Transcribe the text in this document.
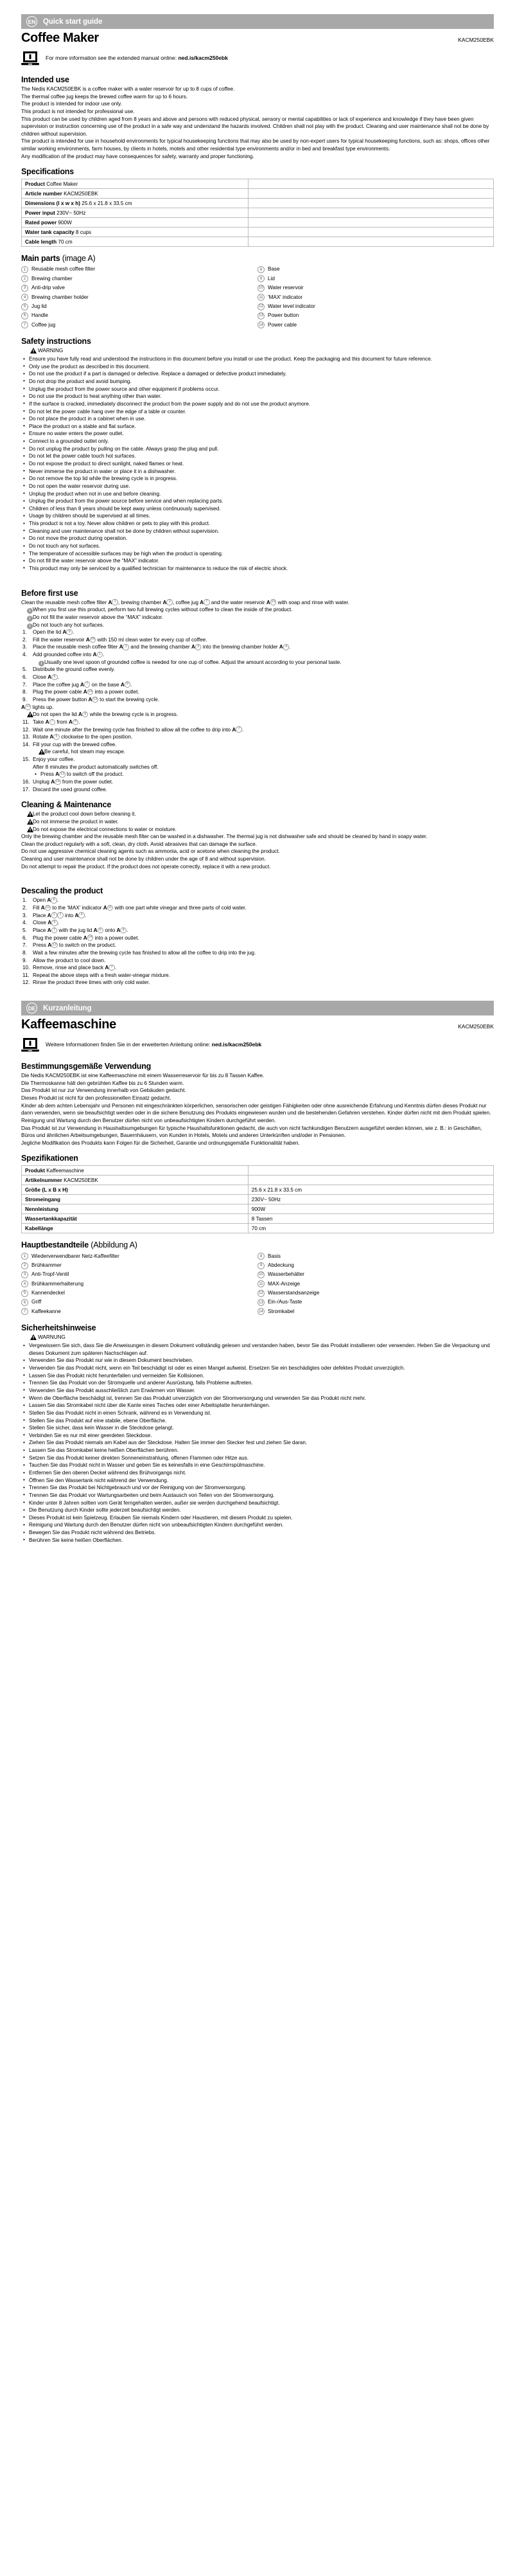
EN Quick start guide
Coffee Maker	KACM250EBK
For more information see the extended manual online: ned.is/kacm250ebk
Intended use

The Nedis KACM250EBK is a coffee maker with a water reservoir for up to 8 cups of coffee.

The thermal coffee jug keeps the brewed coffee warm for up to 6 hours.

The product is intended for indoor use only.

This product is not intended for professional use.

This product can be used by children aged from 8 years and above and persons with reduced physical, sensory or mental capabilities or lack of experience and knowledge if they have been given supervision or instruction concerning use of the product in a safe way and understand the hazards involved. Children shall not play with the product. Cleaning and user maintenance shall not be done by children without supervision.

The product is intended for use in household environments for typical housekeeping functions that may also be used by non-expert users for typical housekeeping functions, such as: shops, offices other similar working environments, farm houses, by clients in hotels, motels and other residential type environments and/or in bed and breakfast type environments.

Any modification of the product may have consequences for safety, warranty and proper functioning.

Specifications
Product Coffee Maker	
Article number KACM250EBK	
Dimensions (l x w x h) 25.6 x 21.8 x 33.5 cm	
Power input 230V~ 50Hz	
Rated power 900W	
Water tank capacity 8 cups	
Cable length 70 cm	
Main parts (image A)
1	Reusable mesh coffee filter
2	Brewing chamber
3	Anti-drip valve
4	Brewing chamber holder
5	Jug lid
6	Handle
7	Coffee jug
8	Base
9	Lid
10 Water reservoir
11 'MAX' indicator
12 Water level indicator
13 Power button
14 Power cable
Safety instructions
WARNING
• Ensure you have fully read and understood the instructions in this document before you install or use the product. Keep the packaging and this document for future reference.
• Only use the product as described in this document.
• Do not use the product if a part is damaged or defective. Replace a damaged or defective product immediately.
• Do not drop the product and avoid bumping.
• Unplug the product from the power source and other equipment if problems occur.
• Do not use the product to heat anything other than water.
• If the surface is cracked, immediately disconnect the product from the power supply and do not use the product anymore.
• Do not let the power cable hang over the edge of a table or counter.
• Do not place the product in a cabinet when in use.
• Place the product on a stable and flat surface.
• Ensure no water enters the power outlet.
• Connect to a grounded outlet only.
• Do not unplug the product by pulling on the cable. Always grasp the plug and pull.
• Do not let the power cable touch hot surfaces.
• Do not expose the product to direct sunlight, naked flames or heat.
• Never immerse the product in water or place it in a dishwasher.
• Do not remove the top lid while the brewing cycle is in progress.
• Do not open the water reservoir during use.
• Unplug the product when not in use and before cleaning.
• Unplug the product from the power source before service and when replacing parts.
• Children of less than 8 years should be kept away unless continuously supervised.
• Usage by children should be supervised at all times.
• This product is not a toy. Never allow children or pets to play with this product.
• Cleaning and user maintenance shall not be done by children without supervision.
• Do not move the product during operation.
• Do not touch any hot surfaces.
• The temperature of accessible surfaces may be high when the product is operating.
• Do not fill the water reservoir above the “MAX” indicator.
• This product may only be serviced by a qualified technician for maintenance to reduce the risk of electric shock.
Before first use

Clean the reusable mesh coffee filter A 1 , brewing chamber A 2 , coffee jug A 7 and the water reservoir A 10 with soap and rinse with water.

i When you first use this product, perform two full brewing cycles without coffee to clean the inside of the product.
i Do not fill the water reservoir above the “MAX” indicator.
i Do not touch any hot surfaces.
Open the lid A 9 .
Fill the water reservoir A 10 with 150 ml clean water for every cup of coffee.
Place the reusable mesh coffee filter A 1 and the brewing chamber A 3 into the brewing chamber holder A 4 .
Add grounded coffee into A 1 .
i Usually one level spoon of grounded coffee is needed for one cup of coffee. Adjust the amount according to your personal taste.
Distribute the ground coffee evenly.
Close A 9 .
Place the coffee jug A 7 on the base A 8 .
Plug the power cable A 14 into a power outlet.
Press the power button A 13 to start the brewing cycle.
A 13 lights up.
Do not open the lid A 9 while the brewing cycle is in progress.
Take A 7 from A 8 .
Wait one minute after the brewing cycle has finished to allow all the coffee to drip into A 7 .
Rotate A 5 clockwise to the open position.
Fill your cup with the brewed coffee.
Be careful, hot steam may escape.
Enjoy your coffee.
After 8 minutes the product automatically switches off.
• Press A 13 to switch off the product.
Unplug A 14 from the power outlet.
Discard the used ground coffee.
Cleaning & Maintenance
Let the product cool down before cleaning it.
Do not immerse the product in water.
Do not expose the electrical connections to water or moisture.

Only the brewing chamber and the reusable mesh filter can be washed in a dishwasher. The thermal jug is not dishwasher safe and should be cleaned by hand in soapy water.

Clean the product regularly with a soft, clean, dry cloth. Avoid abrasives that can damage the surface.

Do not use aggressive chemical cleaning agents such as ammonia, acid or acetone when cleaning the product.

Cleaning and user maintenance shall not be done by children under the age of 8 and without supervision.

Do not attempt to repair the product. If the product does not operate correctly, replace it with a new product.

Descaling the product
Open A 9 .
Fill A 10 to the ‘MAX’ indicator A 11 with one part white vinegar and three parts of cold water.
Place A 1 2 into A 4 .
Close A 9 .
Place A 7 with the jug lid A 5 onto A 8 .
Plug the power cable A 14 into a power outlet.
Press A 13 to switch on the product.
Wait a few minutes after the brewing cycle has finished to allow all the coffee to drip into the jug.
Allow the product to cool down.
Remove, rinse and place back A 7 .
Repeat the above steps with a fresh water-vinegar mixture.
Rinse the product three times with only cold water.
DE Kurzanleitung
Kaffeemaschine	KACM250EBK
Weitere Informationen finden Sie in der erweiterten Anleitung online: ned.is/kacm250ebk
Bestimmungsgemäße Verwendung

Die Nedis KACM250EBK ist eine Kaffeemaschine mit einem Wasserreservoir für bis zu 8 Tassen Kaffee.

Die Thermoskanne hält den gebrühten Kaffee bis zu 6 Stunden warm.

Das Produkt ist nur zur Verwendung innerhalb von Gebäuden gedacht.

Dieses Produkt ist nicht für den professionellen Einsatz gedacht.

Kinder ab dem achten Lebensjahr und Personen mit eingeschränkten körperlichen, sensorischen oder geistigen Fähigkeiten oder ohne ausreichende Erfahrung und Kenntnis dürfen dieses Produkt nur dann verwenden, wenn sie beaufsichtigt werden oder in die sichere Benutzung des Produkts eingewiesen wurden und die bestehenden Gefahren verstehen. Kinder dürfen nicht mit dem Produkt spielen. Reinigung und Wartung durch den Benutzer dürfen nicht von unbeaufsichtigten Kindern durchgeführt werden.

Das Produkt ist zur Verwendung in Haushaltsumgebungen für typische Haushaltsfunktionen gedacht, die auch von nicht fachkundigen Benutzern ausgeführt werden können, wie z. B.: in Geschäften, Büros und ähnlichen Arbeitsumgebungen, Bauernhäusern, von Kunden in Hotels, Motels und anderen Unterkünften und/oder in Pensionen.

Jegliche Modifikation des Produkts kann Folgen für die Sicherheit, Garantie und ordnungsgemäße Funktionalität haben.

Spezifikationen
Produkt Kaffeemaschine	
Artikelnummer KACM250EBK	
Größe (L x B x H)	25.6 x 21.8 x 33.5 cm
Stromeingang	230V~ 50Hz
Nennleistung	900W
Wassertankkapazität	8 Tassen
Kabellänge	70 cm
Hauptbestandteile (Abbildung A)
1	Wiederverwendbarer Netz-Kaffeefilter
2	Brühkammer
3	Anti-Tropf-Ventil
4	Brühkammerhalterung
5	Kannendeckel
6	Griff
7	Kaffeekanne
8	Basis
9	Abdeckung
10 Wasserbehälter
11 MAX-Anzeige
12 Wasserstandsanzeige
13 Ein-/Aus-Taste
14 Stromkabel
Sicherheitshinweise
WARNUNG
• Vergewissern Sie sich, dass Sie die Anweisungen in diesem Dokument vollständig gelesen und verstanden haben, bevor Sie das Produkt installieren oder verwenden. Heben Sie die Verpackung und dieses Dokument zum späteren Nachschlagen auf.
• Verwenden Sie das Produkt nur wie in diesem Dokument beschrieben.
• Verwenden Sie das Produkt nicht, wenn ein Teil beschädigt ist oder es einen Mangel aufweist. Ersetzen Sie ein beschädigtes oder defektes Produkt unverzüglich.
• Lassen Sie das Produkt nicht herunterfallen und vermeiden Sie Kollisionen.
• Trennen Sie das Produkt von der Stromquelle und anderer Ausrüstung, falls Probleme auftreten.
• Verwenden Sie das Produkt ausschließlich zum Erwärmen von Wasser.
• Wenn die Oberfläche beschädigt ist, trennen Sie das Produkt unverzüglich von der Stromversorgung und verwenden Sie das Produkt nicht mehr.
• Lassen Sie das Stromkabel nicht über die Kante eines Tisches oder einer Arbeitsplatte herunterhängen.
• Stellen Sie das Produkt nicht in einen Schrank, während es in Verwendung ist.
• Stellen Sie das Produkt auf eine stabile, ebene Oberfläche.
• Stellen Sie sicher, dass kein Wasser in die Steckdose gelangt.
• Verbinden Sie es nur mit einer geerdeten Steckdose.
• Ziehen Sie das Produkt niemals am Kabel aus der Steckdose. Halten Sie immer den Stecker fest und ziehen Sie daran.
• Lassen Sie das Stromkabel keine heißen Oberflächen berühren.
• Setzen Sie das Produkt keiner direkten Sonneneinstrahlung, offenen Flammen oder Hitze aus.
• Tauchen Sie das Produkt nicht in Wasser und geben Sie es keinesfalls in eine Geschirrspülmaschine.
• Entfernen Sie den oberen Deckel während des Brühvorgangs nicht.
• Öffnen Sie den Wassertank nicht während der Verwendung.
• Trennen Sie das Produkt bei Nichtgebrauch und vor der Reinigung von der Stromversorgung.
• Trennen Sie das Produkt vor Wartungsarbeiten und beim Austausch von Teilen von der Stromversorgung.
• Kinder unter 8 Jahren sollten vom Gerät ferngehalten werden, außer sie werden durchgehend beaufsichtigt.
• Die Benutzung durch Kinder sollte jederzeit beaufsichtigt werden.
• Dieses Produkt ist kein Spielzeug. Erlauben Sie niemals Kindern oder Haustieren, mit diesem Produkt zu spielen.
• Reinigung und Wartung durch den Benutzer dürfen nicht von unbeaufsichtigten Kindern durchgeführt werden.
• Bewegen Sie das Produkt nicht während des Betriebs.
• Berühren Sie keine heißen Oberflächen.
